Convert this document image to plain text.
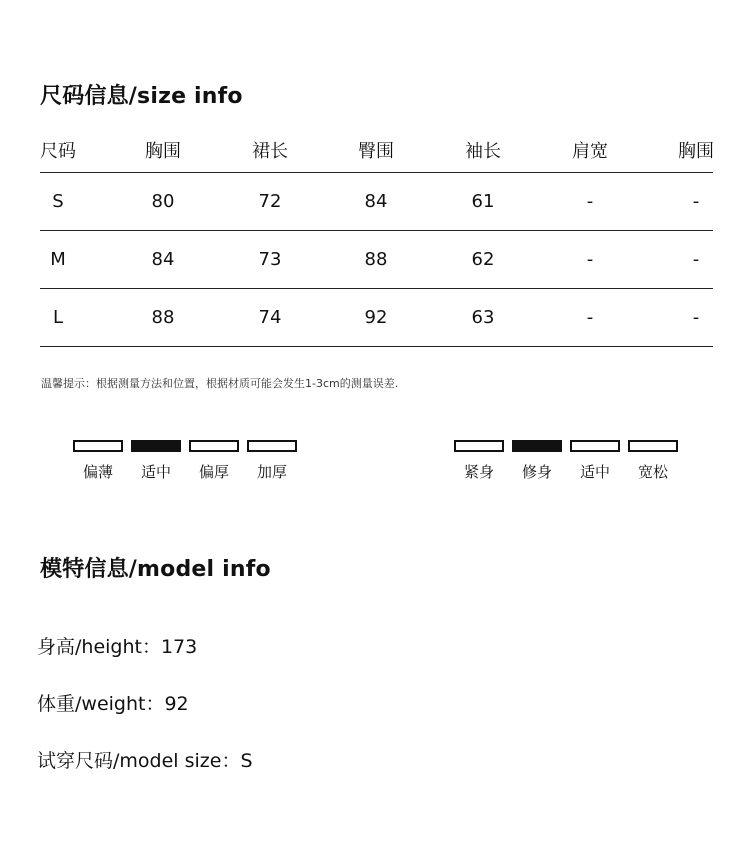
尺码信息/size info
尺码	胸围	裙长	臀围	袖长	肩宽	胸围
S	80	72	84	61	-	-
M	84	73	88	62	-	-
L	88	74	92	63	-	-
温馨提示：根据测量方法和位置，根据材质可能会发生1-3cm的测量误差.
偏薄 适中 偏厚 加厚	紧身 修身 适中 宽松
模特信息/model info
身高/height：173
体重/weight：92
试穿尺码/model size：S
